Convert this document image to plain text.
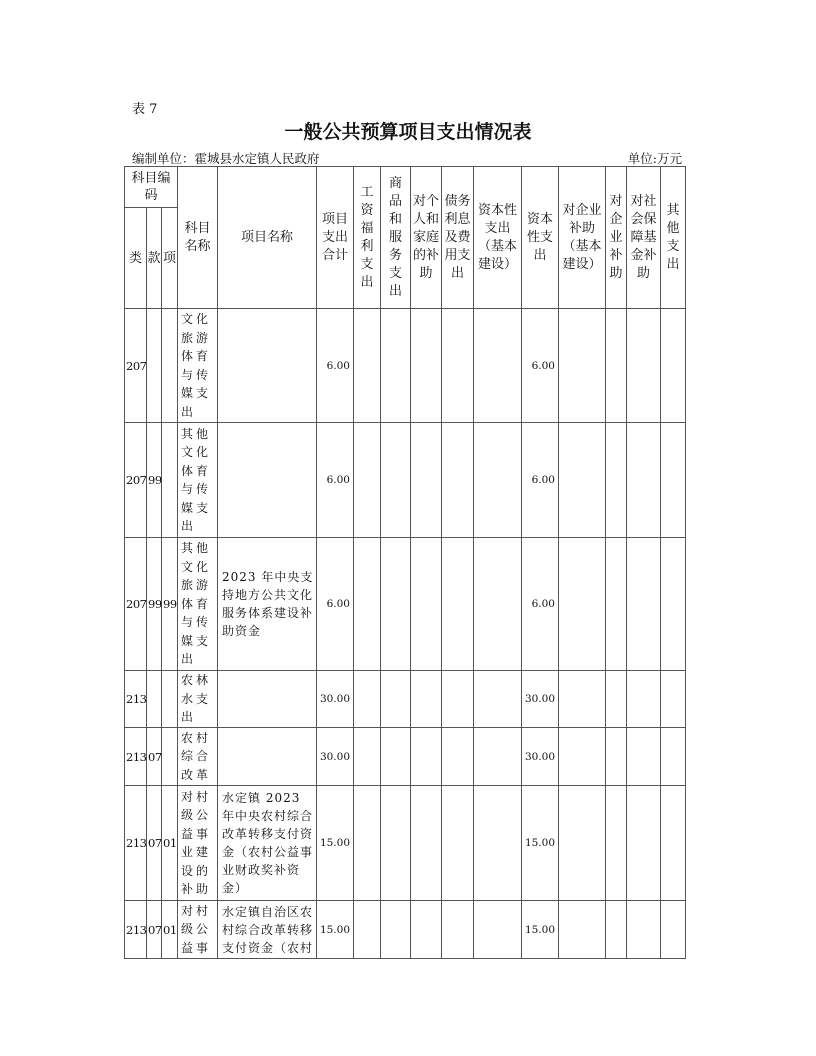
表 7
一般公共预算项目支出情况表
编制单位：霍城县水定镇人民政府	单位:万元
科目编码			科目名称	项目名称	项目支出合计	工资福利支出	商品和服务支出	对个人和家庭的补助	债务利息及费用支出	资本性支出（基本建设）	资本性支出	对企业补助（基本建设）	对企业补助	对社会保障基金补助	其他支出
类	款	项													
207			文化旅游体育与传媒支出		6.00						6.00				
207	99		其他文化体育与传媒支出		6.00						6.00				
207	99	99	其他文化旅游体育与传媒支出	2023 年中央支持地方公共文化服务体系建设补助资金	6.00						6.00				
213			农林水支出		30.00						30.00				
213	07		农村综合改革		30.00						30.00				
213	07	01	对村级公益事业建设的补助	水定镇 2023 年中央农村综合改革转移支付资金（农村公益事业财政奖补资金）	15.00						15.00				
213	07	01	对村级公益事	水定镇自治区农村综合改革转移支付资金（农村	15.00						15.00				
